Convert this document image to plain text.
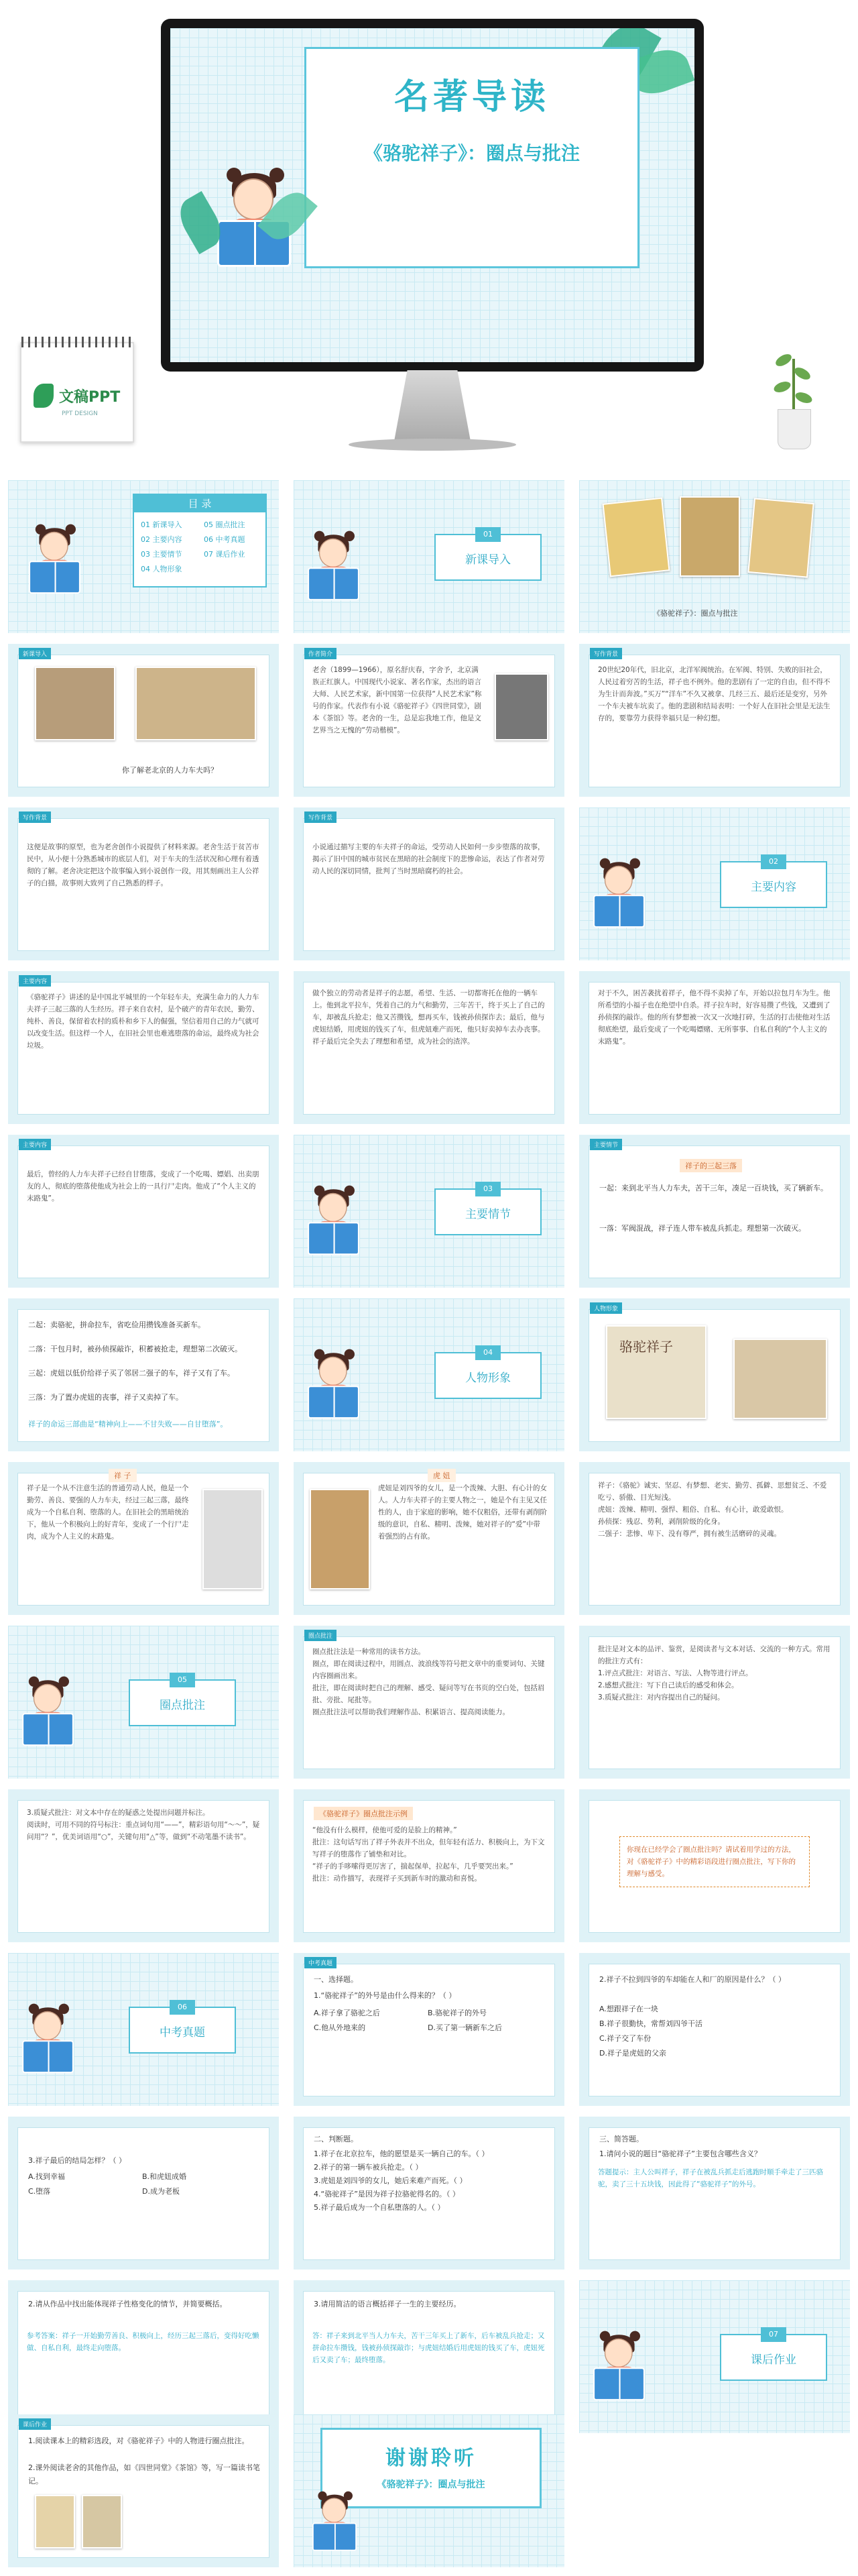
名著导读
《骆驼祥子》：圈点与批注
文稿PPT
PPT DESIGN
目 录
01 新课导入	05 圈点批注
02 主要内容	06 中考真题
03 主要情节	07 课后作业
04 人物形象
01
新课导入
《骆驼祥子》：圈点与批注
新课导入
你了解老北京的人力车夫吗？
作者简介
老舍（1899—1966），原名舒庆春，字舍予，北京满族正红旗人。中国现代小说家、著名作家，杰出的语言大师、人民艺术家，新中国第一位获得“人民艺术家”称号的作家。代表作有小说《骆驼祥子》《四世同堂》，剧本《茶馆》等。老舍的一生，总是忘我地工作，他是文艺界当之无愧的“劳动楷模”。
写作背景
20世纪20年代，旧北京，北洋军阀统治。在军阀、特别、失败的旧社会，人民过着穷苦的生活，祥子也不例外。他的悲剧有了一定的自由，但不得不为生计而奔波。”买万”“洋车”不久又被拿、几经三五、最后还是变穷，另外一个车夫被车坑卖了。他的悲剧和结局表明：一个好人在旧社会里是无法生存的，要靠劳力获得幸福只是一种幻想。
写作背景
这便是故事的原型，也为老舍创作小说提供了材料来源。老舍生活于贫苦市民中，从小便十分熟悉城市的底层人们，对于车夫的生活状况和心理有着透彻的了解。老舍决定把这个故事编入到小说创作一段，用其刻画出主人公祥子的白描，故事则大致列了自己熟悉的样子。
写作背景
小说通过描写主要的车夫祥子的命运，受劳动人民如何一步步堕落的故事，揭示了旧中国的城市贫民在黑暗的社会制度下的悲惨命运，表达了作者对劳动人民的深切同情，批判了当时黑暗腐朽的社会。
02
主要内容
主要内容
《骆驼祥子》讲述的是中国北平城里的一个年轻车夫，充满生命力的人力车夫祥子三起三落的人生经历。祥子来自农村，是个破产的青年农民，勤劳、纯朴、善良，保留着农村的质朴和乡下人的倔强，坚信着用自己的力气就可以改变生活。但这样一个人，在旧社会里也难逃堕落的命运，最终成为社会垃圾。
做个独立的劳动者是祥子的志愿，希望、生活、一切都寄托在他的一辆车上。他到北平拉车，凭着自己的力气和勤劳，三年苦干，终于买上了自己的车，却被乱兵抢走；他又苦攒钱，想再买车，钱被孙侦探诈去；最后，他与虎妞结婚，用虎妞的钱买了车，但虎妞难产而死，他只好卖掉车去办丧事。祥子最后完全失去了理想和希望，成为社会的渣滓。
对于不久，困苦袭扰着祥子，他不得不卖掉了车，开始以拉包月车为生。他所希望的小福子也在绝望中自杀。祥子拉车时，好容易攒了些钱，又遭到了孙侦探的敲诈。他的所有梦想被一次又一次地打碎，生活的打击使他对生活彻底绝望，最后变成了一个吃喝嫖赌、无所事事、自私自利的“个人主义的末路鬼”。
主要内容
最后，曾经的人力车夫祥子已经自甘堕落，变成了一个吃喝、嫖娼、出卖朋友的人，彻底的堕落使他成为社会上的一具行尸走肉。他成了“个人主义的末路鬼”。
03
主要情节
主要情节
祥子的三起三落
一起：来到北平当人力车夫，苦干三年，凑足一百块钱，买了辆新车。
一落：军阀混战，祥子连人带车被乱兵抓走。理想第一次破灭。
二起：卖骆驼，拼命拉车，省吃俭用攒钱准备买新车。
二落：干包月时，被孙侦探敲诈，积蓄被抢走，理想第二次破灭。
三起：虎妞以低价给祥子买了邻居二强子的车，祥子又有了车。
三落：为了置办虎妞的丧事，祥子又卖掉了车。
祥子的命运三部曲是“精神向上——不甘失败——自甘堕落”。
04
人物形象
人物形象
骆驼祥子
祥 子
祥子是一个从不注意生活的普通劳动人民，他是一个勤劳、善良、要强的人力车夫，经过三起三落，最终成为一个自私自利、堕落的人。在旧社会的黑暗统治下，他从一个积极向上的好青年，变成了一个行尸走肉，成为个人主义的末路鬼。
虎 妞
虎妞是刘四爷的女儿，是一个泼辣、大胆、有心计的女人。人力车夫祥子的主要人物之一，她是个有主见又任性的人，由于家庭的影响，她不仅粗俗，还带有剥削阶级的意识，自私、精明、泼辣，她对祥子的“爱”中带着强烈的占有欲。
祥子：《骆驼》诚实、坚忍、有梦想、老实、勤劳、孤僻、思想贫乏、不爱吃亏、骄傲、目光短浅。
虎妞：泼辣、精明、强悍、粗俗、自私、有心计，敢爱敢恨。
孙侦探：残忍、势利，剥削阶级的化身。
二强子：悲惨、卑下、没有尊严，拥有被生活磨碎的灵魂。
05
圈点批注
圈点批注
圈点批注法是一种常用的读书方法。
圈点，即在阅读过程中，用圆点、波浪线等符号把文章中的重要词句、关键内容圈画出来。
批注，即在阅读时把自己的理解、感受、疑问等写在书页的空白处，包括眉批、旁批、尾批等。
圈点批注法可以帮助我们理解作品、积累语言、提高阅读能力。
批注是对文本的品评、鉴赏，是阅读者与文本对话、交流的一种方式。常用的批注方式有：
1.评点式批注：对语言、写法、人物等进行评点。
2.感想式批注：写下自己读后的感受和体会。
3.质疑式批注：对内容提出自己的疑问。
3.质疑式批注：对文本中存在的疑惑之处提出问题并标注。
阅读时，可用不同的符号标注：重点词句用“——”，精彩语句用“～～”，疑问用“？”，优美词语用“○”，关键句用“△”等，做到“不动笔墨不读书”。
《骆驼祥子》圈点批注示例
“他没有什么模样，使他可爱的是脸上的精神。”
批注：这句话写出了祥子外表并不出众，但年轻有活力、积极向上，为下文写祥子的堕落作了铺垫和对比。
“祥子的手哆嗦得更厉害了，揣起保单，拉起车，几乎要哭出来。”
批注：动作描写，表现祥子买到新车时的激动和喜悦。
你现在已经学会了圈点批注吗？请试着用学过的方法，对《骆驼祥子》中的精彩语段进行圈点批注，写下你的理解与感受。
06
中考真题
中考真题
一、选择题。
1.“骆驼祥子”的外号是由什么得来的？（ ）
A.祥子拿了骆驼之后	B.骆驼祥子的外号
C.他从外地来的	D.买了第一辆新车之后
2.祥子不拉到四爷的车却能在人和厂的原因是什么？（ ）
A.想跟祥子在一块
B.祥子很勤快，常帮刘四爷干活
C.祥子交了车份
D.祥子是虎妞的父亲
3.祥子最后的结局怎样？（ ）
A.找到幸福	B.和虎妞成婚
C.堕落	D.成为老板
二、判断题。
1.祥子在北京拉车，他的愿望是买一辆自己的车。（ ）
2.祥子的第一辆车被兵抢走。（ ）
3.虎妞是刘四爷的女儿，她后来难产而死。（ ）
4.“骆驼祥子”是因为祥子拉骆驼得名的。（ ）
5.祥子最后成为一个自私堕落的人。（ ）
三、简答题。
1.请问小说的题目“骆驼祥子”主要包含哪些含义？
答题提示：主人公叫祥子，祥子在被乱兵抓走后逃跑时顺手牵走了三匹骆驼，卖了三十五块钱，因此得了“骆驼祥子”的外号。
2.请从作品中找出能体现祥子性格变化的情节，并简要概括。
参考答案：祥子一开始勤劳善良、积极向上，经历三起三落后，变得好吃懒做、自私自利，最终走向堕落。
3.请用简洁的语言概括祥子一生的主要经历。
答：祥子来到北平当人力车夫，苦干三年买上了新车，后车被乱兵抢走；又拼命拉车攒钱，钱被孙侦探敲诈；与虎妞结婚后用虎妞的钱买了车，虎妞死后又卖了车；最终堕落。
07
课后作业
课后作业
1.阅读课本上的精彩选段，对《骆驼祥子》中的人物进行圈点批注。
2.课外阅读老舍的其他作品，如《四世同堂》《茶馆》等，写一篇读书笔记。
谢谢聆听
《骆驼祥子》：圈点与批注
